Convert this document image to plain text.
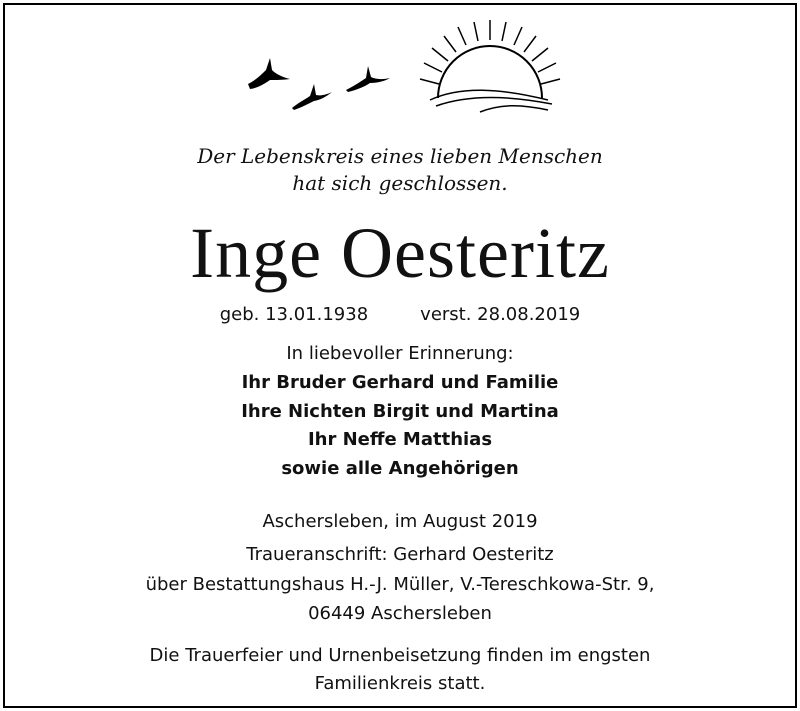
Der Lebenskreis eines lieben Menschen
hat sich geschlossen.
Inge Oesteritz
geb. 13.01.1938	verst. 28.08.2019
In liebevoller Erinnerung:
Ihr Bruder Gerhard und Familie
Ihre Nichten Birgit und Martina
Ihr Neffe Matthias
sowie alle Angehörigen
Aschersleben, im August 2019
Traueranschrift: Gerhard Oesteritz
über Bestattungshaus H.-J. Müller, V.-Tereschkowa-Str. 9,
06449 Aschersleben
Die Trauerfeier und Urnenbeisetzung finden im engsten
Familienkreis statt.
